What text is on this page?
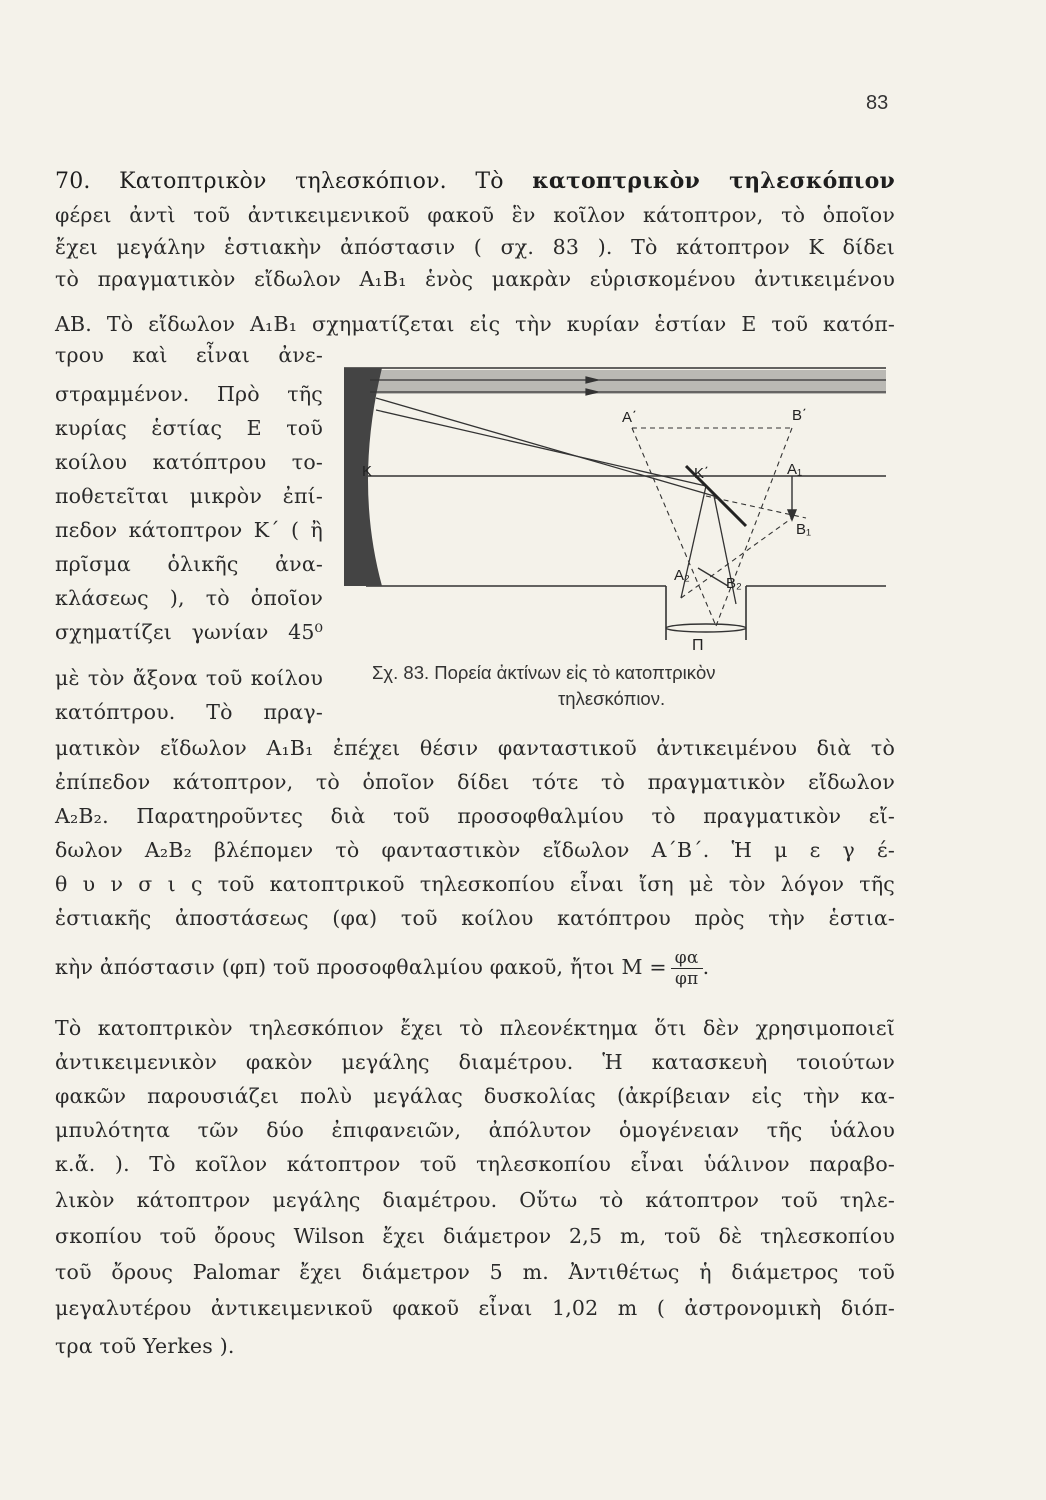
83
70. Κατοπτρικὸν τηλεσκόπιον. Τὸ κατοπτρικὸν τηλεσκόπιον
φέρει ἀντὶ τοῦ ἀντικειμενικοῦ φακοῦ ἓν κοῖλον κάτοπτρον, τὸ ὁποῖον
ἔχει μεγάλην ἑστιακὴν ἀπόστασιν ( σχ. 83 ). Τὸ κάτοπτρον Κ δίδει
τὸ πραγματικὸν εἴδωλον Α₁Β₁ ἑνὸς μακρὰν εὑρισκομένου ἀντικειμένου
ΑΒ. Τὸ εἴδωλον Α₁Β₁ σχηματίζεται εἰς τὴν κυρίαν ἑστίαν Ε τοῦ κατόπ-
τρου καὶ εἶναι ἀνε-
στραμμένον. Πρὸ τῆς
κυρίας ἑστίας Ε τοῦ
κοίλου κατόπτρου το-
ποθετεῖται μικρὸν ἐπί-
πεδον κάτοπτρον Κ΄ ( ἢ
πρῖσμα ὁλικῆς ἀνα-
κλάσεως ), τὸ ὁποῖον
σχηματίζει γωνίαν 45⁰
μὲ τὸν ἄξονα τοῦ κοίλου
κατόπτρου. Τὸ πραγ-
K
A΄	B΄
K΄	A₁
B₁
A₂ B₂
Π
Σχ. 83. Πορεία ἀκτίνων εἰς τὸ κατοπτρικὸν
τηλεσκόπιον.
ματικὸν εἴδωλον Α₁Β₁ ἐπέχει θέσιν φανταστικοῦ ἀντικειμένου διὰ τὸ
ἐπίπεδον κάτοπτρον, τὸ ὁποῖον δίδει τότε τὸ πραγματικὸν εἴδωλον
Α₂Β₂. Παρατηροῦντες διὰ τοῦ προσοφθαλμίου τὸ πραγματικὸν εἴ-
δωλον Α₂Β₂ βλέπομεν τὸ φανταστικὸν εἴδωλον Α΄Β΄. Ἡ μ ε γ έ-
θ υ ν σ ι ς τοῦ κατοπτρικοῦ τηλεσκοπίου εἶναι ἴση μὲ τὸν λόγον τῆς
ἑστιακῆς ἀποστάσεως (φα) τοῦ κοίλου κατόπτρου πρὸς τὴν ἑστια-
κὴν ἀπόστασιν (φπ) τοῦ προσοφθαλμίου φακοῦ, ἤτοι $M = \frac{\varphi\alpha}{\varphi\pi}$ .
Τὸ κατοπτρικὸν τηλεσκόπιον ἔχει τὸ πλεονέκτημα ὅτι δὲν χρησιμοποιεῖ
ἀντικειμενικὸν φακὸν μεγάλης διαμέτρου. Ἡ κατασκευὴ τοιούτων
φακῶν παρουσιάζει πολὺ μεγάλας δυσκολίας (ἀκρίβειαν εἰς τὴν κα-
μπυλότητα τῶν δύο ἐπιφανειῶν, ἀπόλυτον ὁμογένειαν τῆς ὑάλου
κ.ἄ. ). Τὸ κοῖλον κάτοπτρον τοῦ τηλεσκοπίου εἶναι ὑάλινον παραβο-
λικὸν κάτοπτρον μεγάλης διαμέτρου. Οὕτω τὸ κάτοπτρον τοῦ τηλε-
σκοπίου τοῦ ὄρους Wilson ἔχει διάμετρον 2,5 m, τοῦ δὲ τηλεσκοπίου
τοῦ ὄρους Palomar ἔχει διάμετρον 5 m. Ἀντιθέτως ἡ διάμετρος τοῦ
μεγαλυτέρου ἀντικειμενικοῦ φακοῦ εἶναι 1,02 m ( ἀστρονομικὴ διόπ-
τρα τοῦ Yerkes ).
